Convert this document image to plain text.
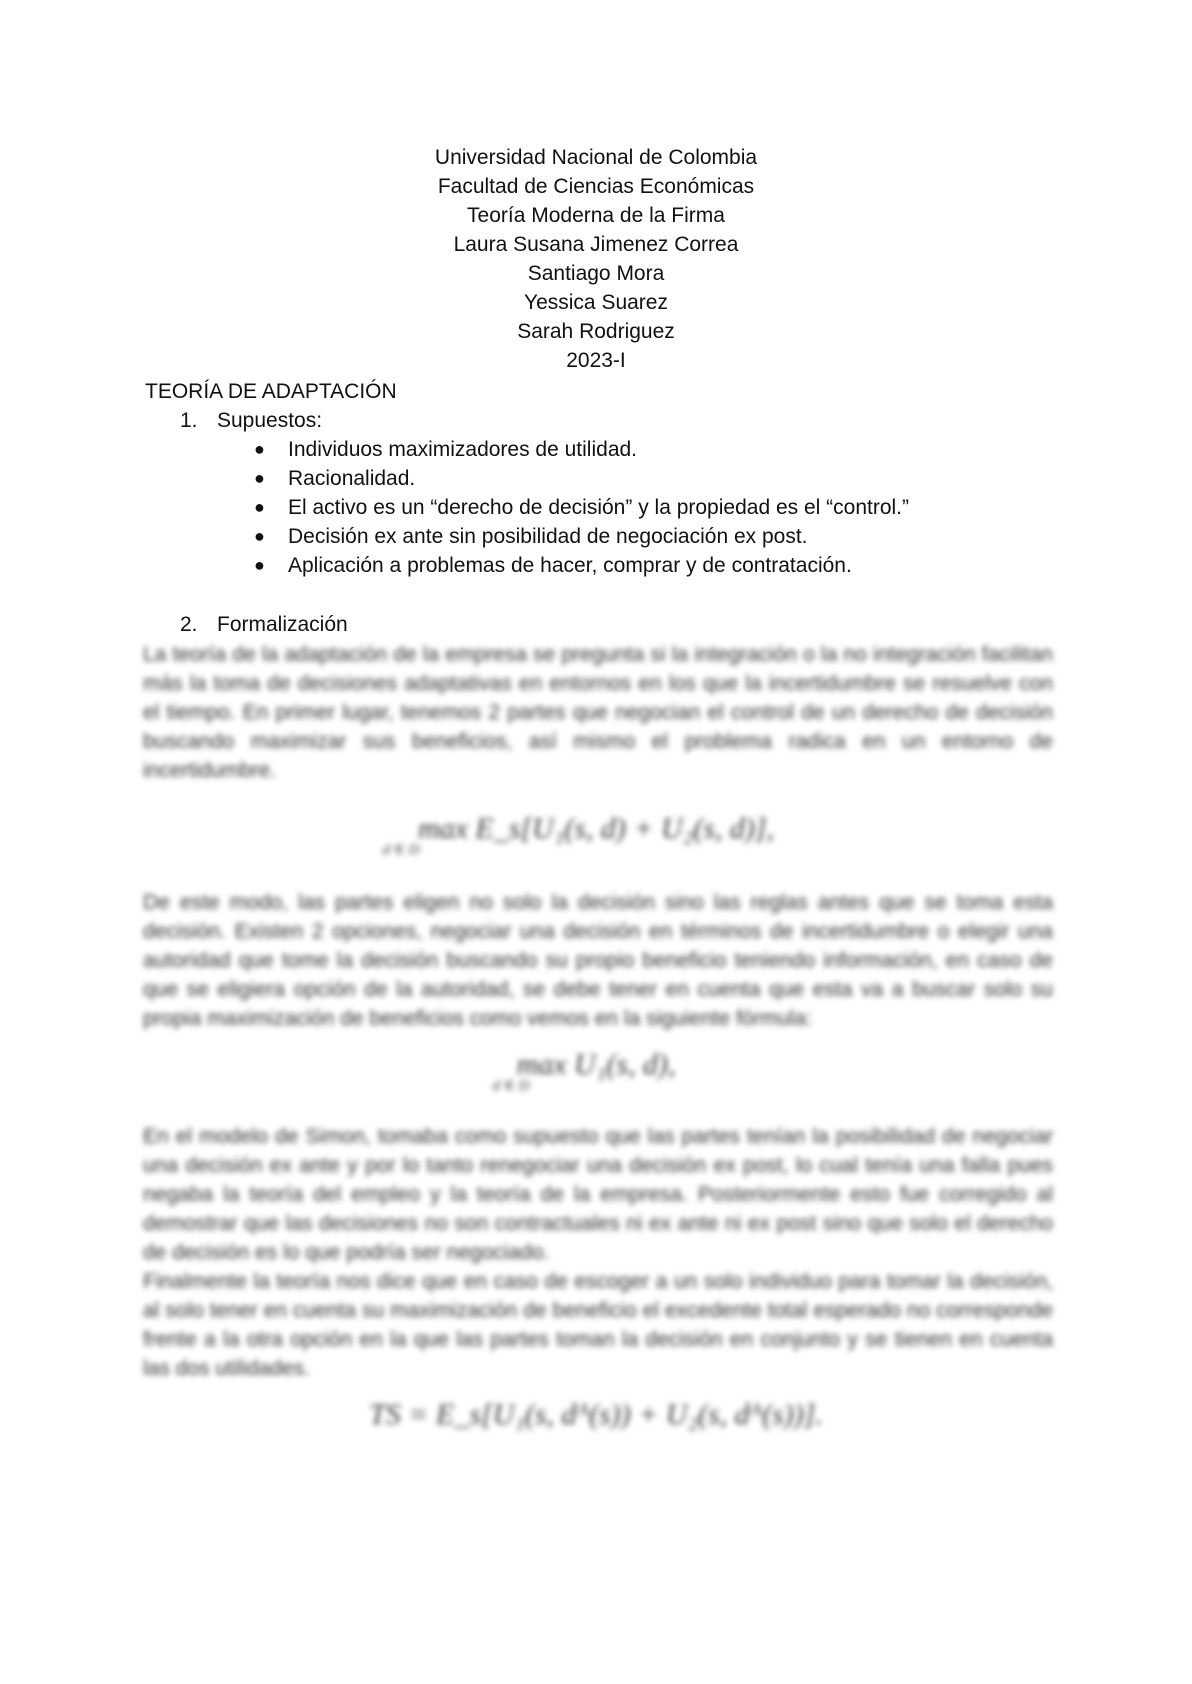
Universidad Nacional de Colombia
Facultad de Ciencias Económicas
Teoría Moderna de la Firma
Laura Susana Jimenez Correa
Santiago Mora
Yessica Suarez
Sarah Rodriguez
2023-I
TEORÍA DE ADAPTACIÓN
1. Supuestos:
● Individuos maximizadores de utilidad.
● Racionalidad.
● El activo es un “derecho de decisión” y la propiedad es el “control.”
● Decisión ex ante sin posibilidad de negociación ex post.
● Aplicación a problemas de hacer, comprar y de contratación.
2. Formalización
La teoría de la adaptación de la empresa se pregunta si la integración o la no integración facilitan más la toma de decisiones adaptativas en entornos en los que la incertidumbre se resuelve con el tiempo. En primer lugar, tenemos 2 partes que negocian el control de un derecho de decisión buscando maximizar sus beneficios, así mismo el problema radica en un entorno de incertidumbre.
max E_s[U₁(s, d) + U₂(s, d)],
d ∈ D
De este modo, las partes eligen no solo la decisión sino las reglas antes que se toma esta decisión. Existen 2 opciones, negociar una decisión en términos de incertidumbre o elegir una autoridad que tome la decisión buscando su propio beneficio teniendo información, en caso de que se eligiera opción de la autoridad, se debe tener en cuenta que esta va a buscar solo su propia maximización de beneficios como vemos en la siguiente fórmula:
max U₁(s, d),
d ∈ D
En el modelo de Simon, tomaba como supuesto que las partes tenían la posibilidad de negociar una decisión ex ante y por lo tanto renegociar una decisión ex post, lo cual tenía una falla pues negaba la teoría del empleo y la teoría de la empresa. Posteriormente esto fue corregido al demostrar que las decisiones no son contractuales ni ex ante ni ex post sino que solo el derecho de decisión es lo que podría ser negociado.
Finalmente la teoría nos dice que en caso de escoger a un solo individuo para tomar la decisión, al solo tener en cuenta su maximización de beneficio el excedente total esperado no corresponde frente a la otra opción en la que las partes toman la decisión en conjunto y se tienen en cuenta las dos utilidades.
TS = E_s[U₁(s, dᴬ(s)) + U₂(s, dᴬ(s))].
